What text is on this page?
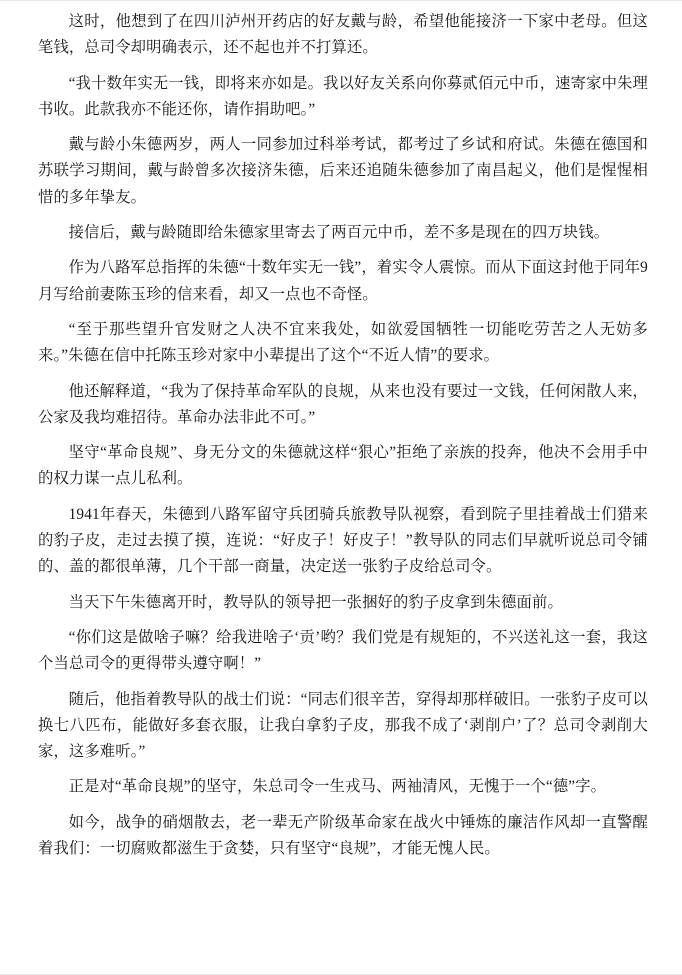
这时，他想到了在四川泸州开药店的好友戴与龄，希望他能接济一下家中老母。但这笔钱，总司令却明确表示，还不起也并不打算还。

“我十数年实无一钱，即将来亦如是。我以好友关系向你募贰佰元中币，速寄家中朱理书收。此款我亦不能还你，请作捐助吧。”

戴与龄小朱德两岁，两人一同参加过科举考试，都考过了乡试和府试。朱德在德国和苏联学习期间，戴与龄曾多次接济朱德，后来还追随朱德参加了南昌起义，他们是惺惺相惜的多年挚友。

接信后，戴与龄随即给朱德家里寄去了两百元中币，差不多是现在的四万块钱。

作为八路军总指挥的朱德“十数年实无一钱”，着实令人震惊。而从下面这封他于同年9月写给前妻陈玉珍的信来看，却又一点也不奇怪。

“至于那些望升官发财之人决不宜来我处，如欲爱国牺牲一切能吃劳苦之人无妨多来。”朱德在信中托陈玉珍对家中小辈提出了这个“不近人情”的要求。

他还解释道，“我为了保持革命军队的良规，从来也没有要过一文钱，任何闲散人来，公家及我均难招待。革命办法非此不可。”

坚守“革命良规”、身无分文的朱德就这样“狠心”拒绝了亲族的投奔，他决不会用手中的权力谋一点儿私利。

1941年春天，朱德到八路军留守兵团骑兵旅教导队视察，看到院子里挂着战士们猎来的豹子皮，走过去摸了摸，连说：“好皮子！好皮子！”教导队的同志们早就听说总司令铺的、盖的都很单薄，几个干部一商量，决定送一张豹子皮给总司令。

当天下午朱德离开时，教导队的领导把一张捆好的豹子皮拿到朱德面前。

“你们这是做啥子嘛？给我进啥子‘贡’哟？我们党是有规矩的，不兴送礼这一套，我这个当总司令的更得带头遵守啊！”

随后，他指着教导队的战士们说：“同志们很辛苦，穿得却那样破旧。一张豹子皮可以换七八匹布，能做好多套衣服，让我白拿豹子皮，那我不成了‘剥削户’了？总司令剥削大家，这多难听。”

正是对“革命良规”的坚守，朱总司令一生戎马、两袖清风，无愧于一个“德”字。

如今，战争的硝烟散去，老一辈无产阶级革命家在战火中锤炼的廉洁作风却一直警醒着我们：一切腐败都滋生于贪婪，只有坚守“良规”，才能无愧人民。
